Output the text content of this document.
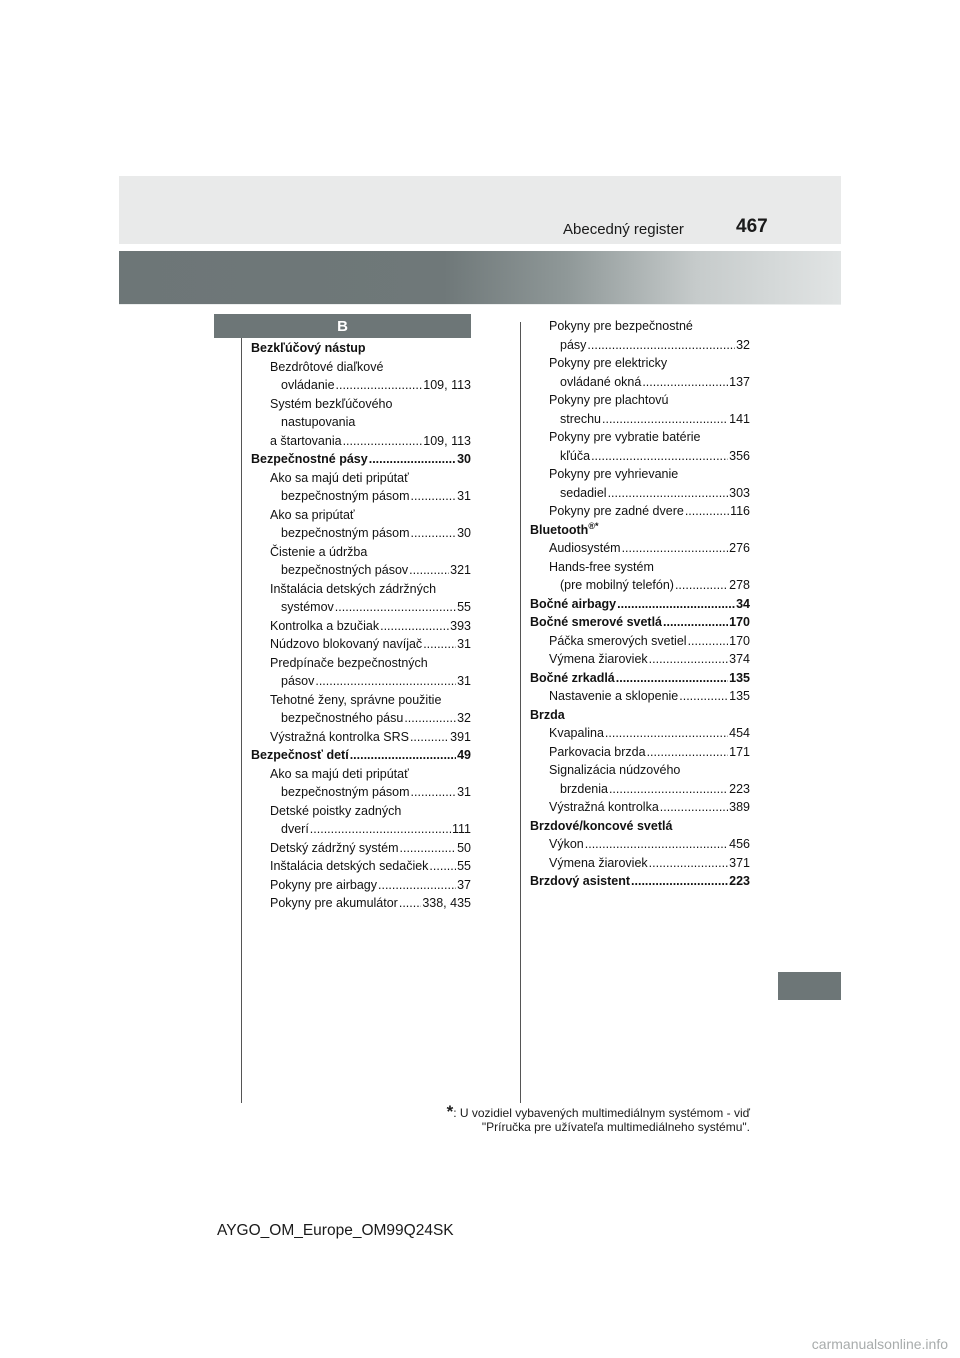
Abecedný register	467
B
Bezkľúčový nástup
Bezdrôtové diaľkové
ovládanie .....	109, 113
Systém bezkľúčového
nastupovania
a štartovania .....	109, 113
Bezpečnostné pásy .....	30
Ako sa majú deti pripútať
bezpečnostným pásom .....	31
Ako sa pripútať
bezpečnostným pásom .....	30
Čistenie a údržba
bezpečnostných pásov .....	321
Inštalácia detských zádržných
systémov .....	55
Kontrolka a bzučiak .....	393
Núdzovo blokovaný navíjač .....	31
Predpínače bezpečnostných
pásov .....	31
Tehotné ženy, správne použitie
bezpečnostného pásu .....	32
Výstražná kontrolka SRS .....	391
Bezpečnosť detí .....	49
Ako sa majú deti pripútať
bezpečnostným pásom .....	31
Detské poistky zadných
dverí .....	111
Detský zádržný systém .....	50
Inštalácia detských sedačiek ..... 55
Pokyny pre airbagy .....	37
Pokyny pre akumulátor ..... 338, 435
Pokyny pre bezpečnostné
pásy .....	32
Pokyny pre elektricky
ovládané okná .....	137
Pokyny pre plachtovú
strechu .....	141
Pokyny pre vybratie batérie
kľúča .....	356
Pokyny pre vyhrievanie
sedadiel .....	303
Pokyny pre zadné dvere .....	116
Bluetooth®*
Audiosystém .....	276
Hands-free systém
(pre mobilný telefón) .....	278
Bočné airbagy .....	34
Bočné smerové svetlá .....	170
Páčka smerových svetiel .....	170
Výmena žiaroviek .....	374
Bočné zrkadlá .....	135
Nastavenie a sklopenie .....	135
Brzda
Kvapalina .....	454
Parkovacia brzda .....	171
Signalizácia núdzového
brzdenia .....	223
Výstražná kontrolka .....	389
Brzdové/koncové svetlá
Výkon .....	456
Výmena žiaroviek .....	371
Brzdový asistent .....	223
*: U vozidiel vybavených multimediálnym systémom - viď
"Príručka pre užívateľa multimediálneho systému".
AYGO_OM_Europe_OM99Q24SK
carmanualsonline.info
